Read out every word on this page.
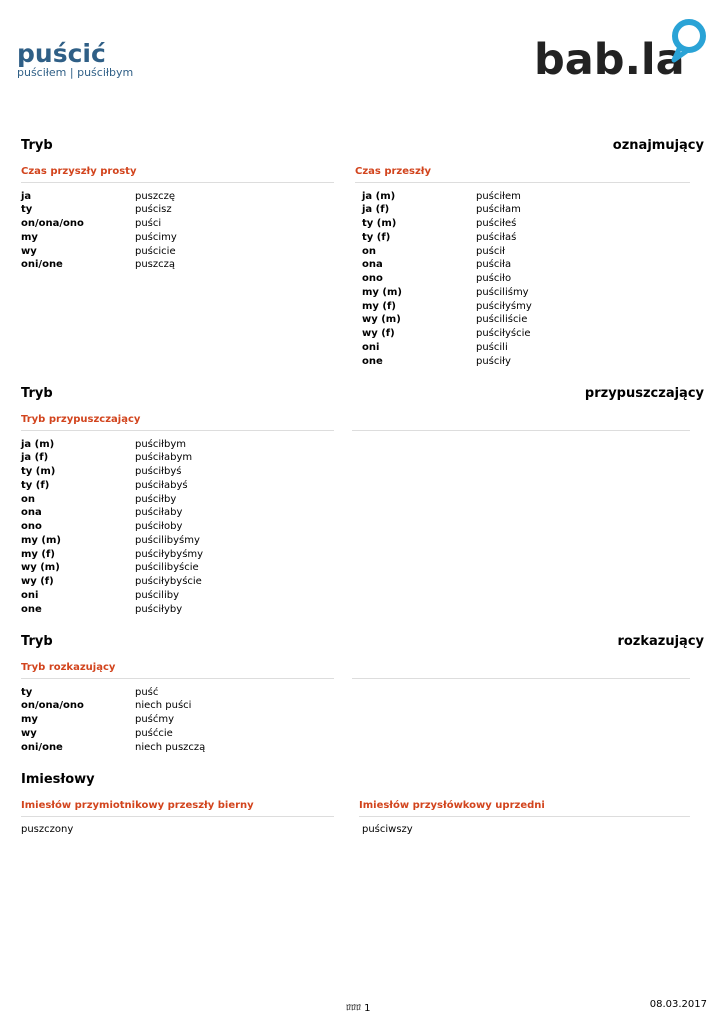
puścić
puściłem | puściłbym	bab.la
Tryb	oznajmujący
Czas przyszły prosty	Czas przeszły
ja	puszczę
ty	puścisz
on/ona/ono	puści
my	puścimy
wy	puścicie
oni/one	puszczą
ja (m)	puściłem
ja (f)	puściłam
ty (m)	puściłeś
ty (f)	puściłaś
on	puścił
ona	puściła
ono	puściło
my (m)	puściliśmy
my (f)	puściłyśmy
wy (m)	puściliście
wy (f)	puściłyście
oni	puścili
one	puściły
Tryb	przypuszczający
Tryb przypuszczający
ja (m)	puściłbym
ja (f)	puściłabym
ty (m)	puściłbyś
ty (f)	puściłabyś
on	puściłby
ona	puściłaby
ono	puściłoby
my (m)	puścilibyśmy
my (f)	puściłybyśmy
wy (m)	puścilibyście
wy (f)	puściłybyście
oni	puściliby
one	puściłyby
Tryb	rozkazujący
Tryb rozkazujący
ty	puść
on/ona/ono	niech puści
my	puśćmy
wy	puśćcie
oni/one	niech puszczą
Imiesłowy
Imiesłów przymiotnikowy przeszły bierny	Imiesłów przysłówkowy uprzedni
puszczony	puściwszy
ﾛﾛﾛ 1	08.03.2017
